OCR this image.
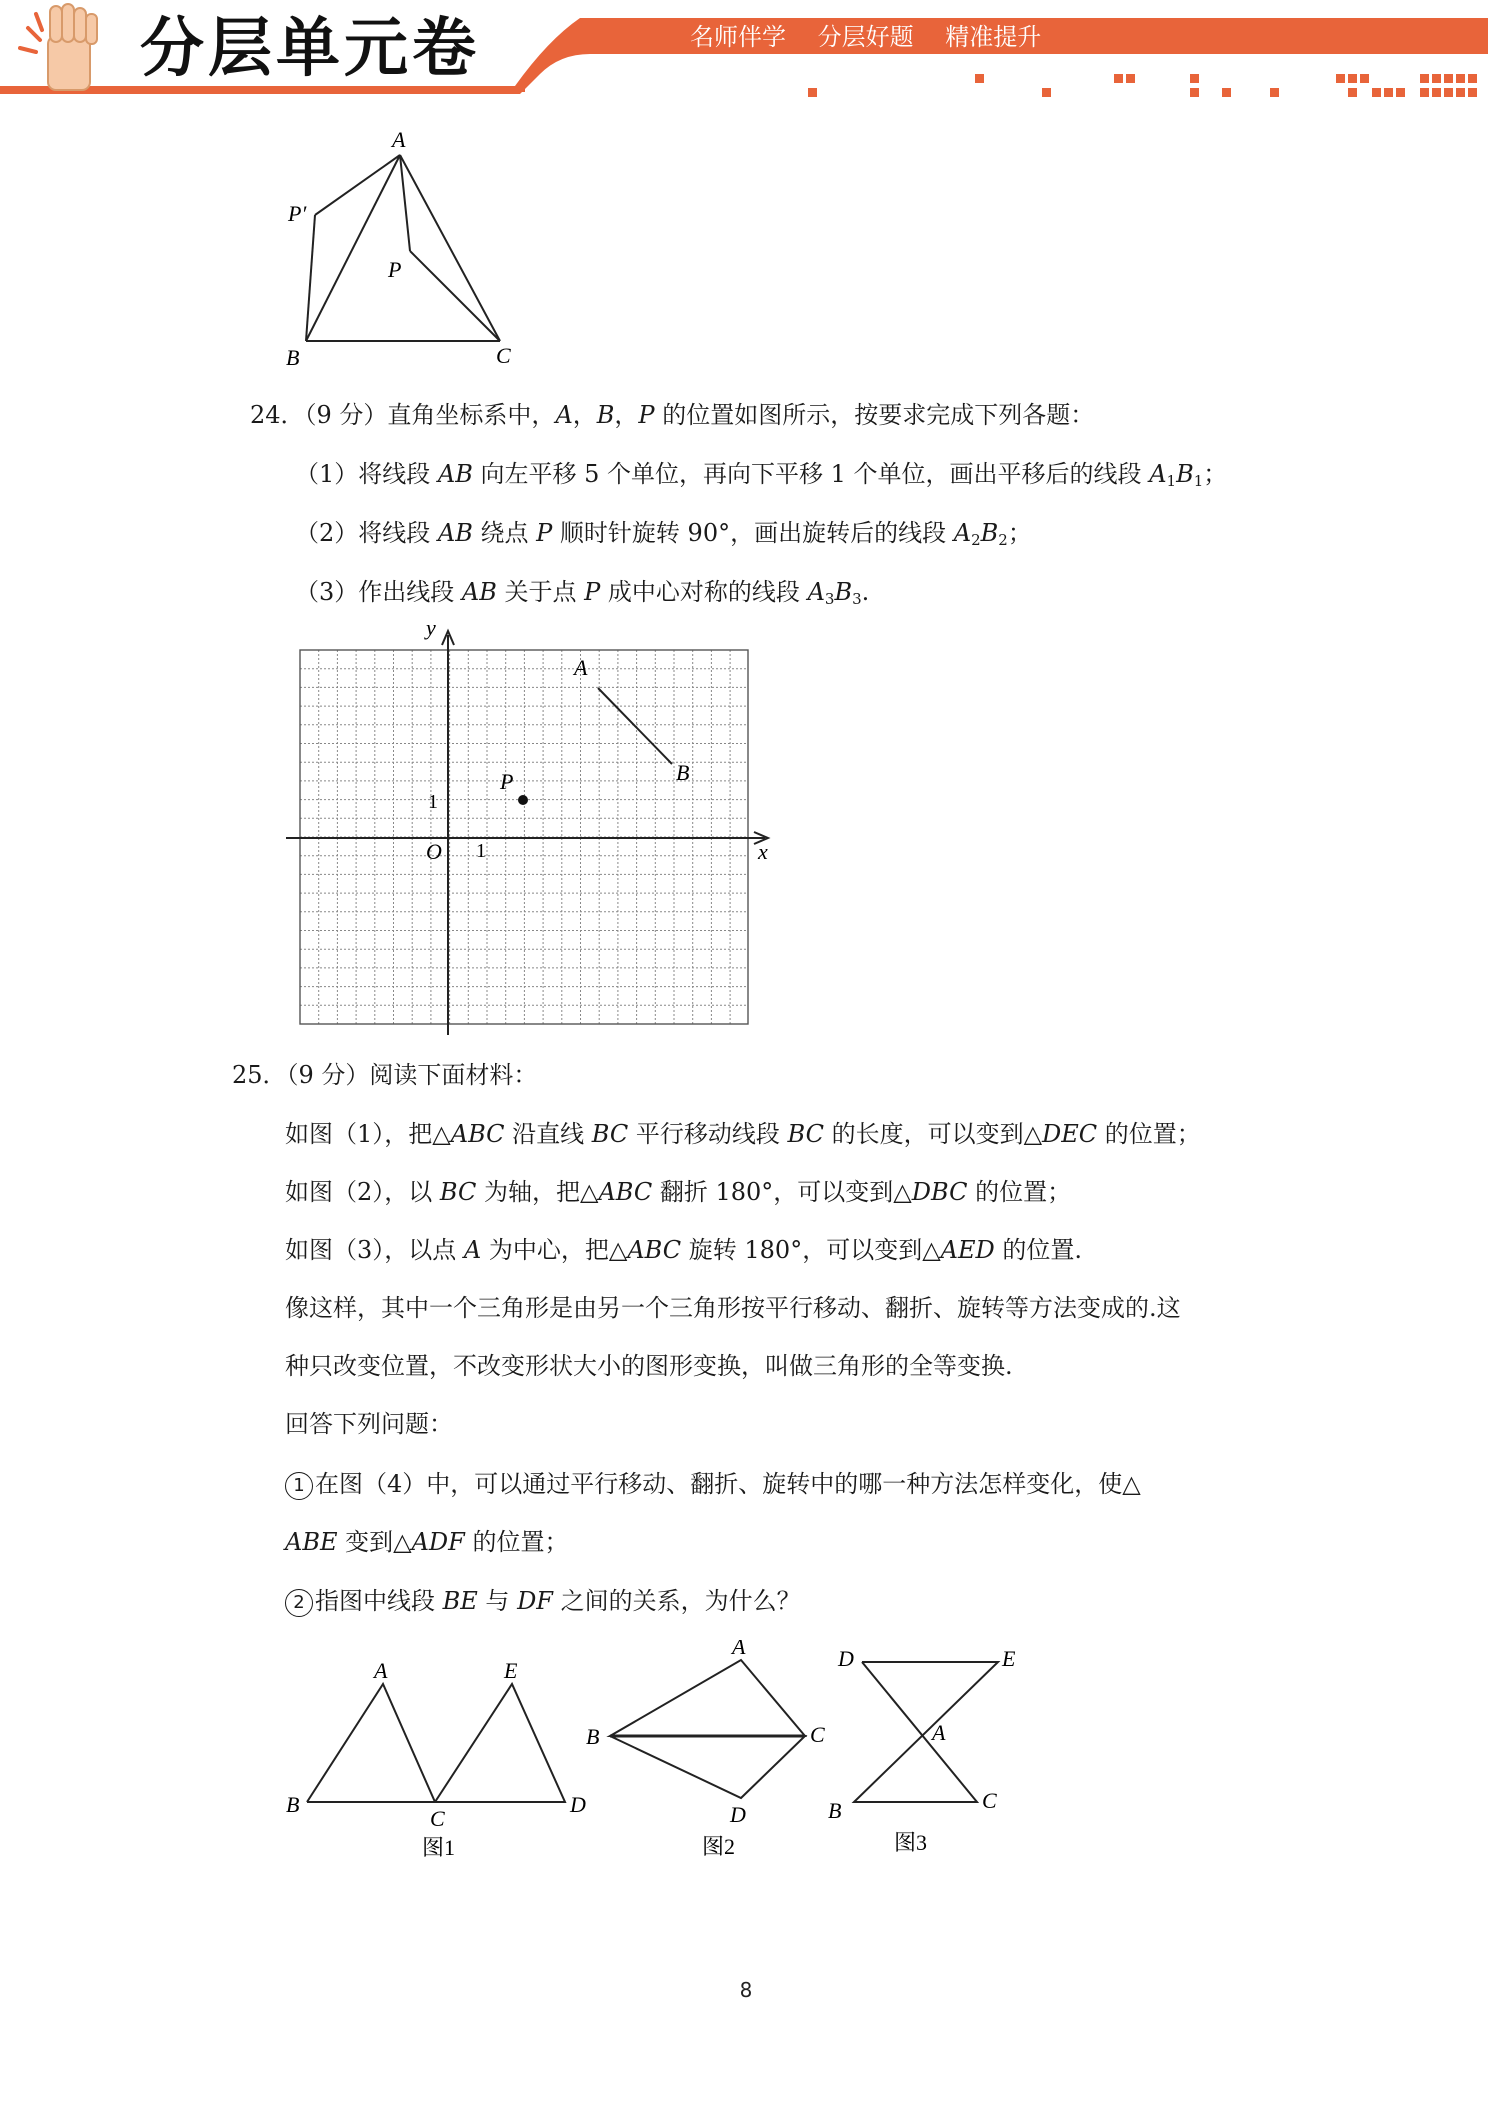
分层单元卷	名师伴学 分层好题 精准提升
A
P′
P
B	C
24．（9 分）直角坐标系中，A，B，P 的位置如图所示，按要求完成下列各题：
（1）将线段 AB 向左平移 5 个单位，再向下平移 1 个单位，画出平移后的线段 $A_1B_1$；
（2）将线段 AB 绕点 P 顺时针旋转 90°，画出旋转后的线段 $A_2B_2$；
（3）作出线段 AB 关于点 P 成中心对称的线段 $A_3B_3$.
y
x
O 1
1
A
B
P
25．（9 分）阅读下面材料：
如图（1），把△ABC 沿直线 BC 平行移动线段 BC 的长度，可以变到△DEC 的位置；
如图（2），以 BC 为轴，把△ABC 翻折 180°，可以变到△DBC 的位置；
如图（3），以点 A 为中心，把△ABC 旋转 180°，可以变到△AED 的位置.
像这样，其中一个三角形是由另一个三角形按平行移动、翻折、旋转等方法变成的.这
种只改变位置，不改变形状大小的图形变换，叫做三角形的全等变换.
回答下列问题：
1 在图（4）中，可以通过平行移动、翻折、旋转中的哪一种方法怎样变化，使△
ABE 变到△ADF 的位置；
2 指图中线段 BE 与 DF 之间的关系，为什么？
A	E
B
C
D
图1
A
B	C
D
图2
D	E
A
B	C
图3
8
